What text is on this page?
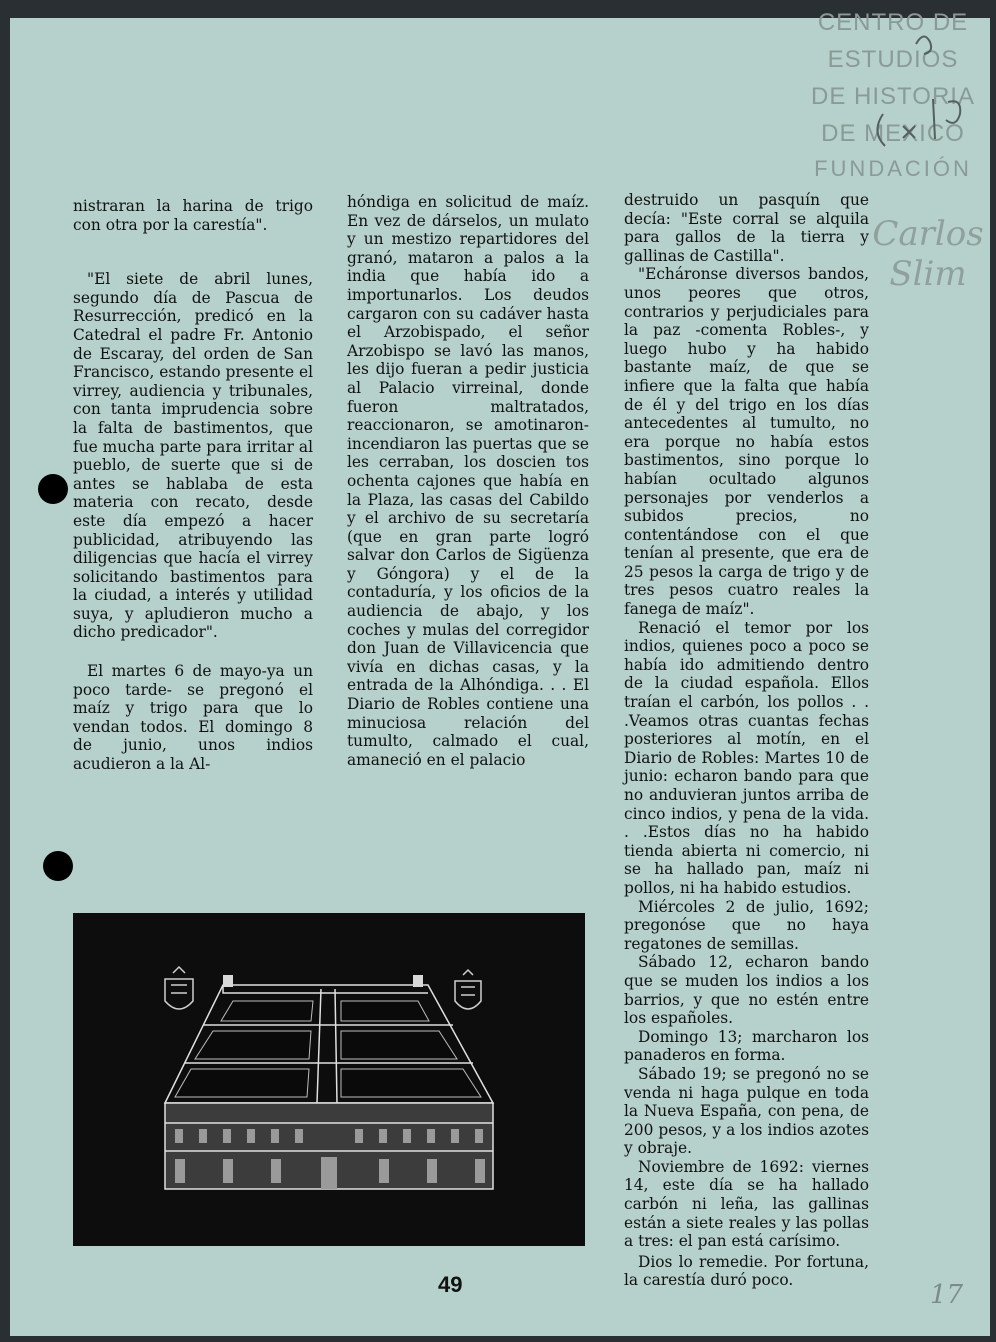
CENTRO DE
ESTUDIOS
DE HISTORIA
DE MEXICO
FUNDACIÓN
Carlos Slim

nistraran la harina de trigo con otra por la carestía".

"El siete de abril lunes, segundo día de Pascua de Resurrección, predicó en la Catedral el padre Fr. Antonio de Escaray, del orden de San Francisco, estando presente el virrey, audiencia y tribunales, con tanta imprudencia sobre la falta de bastimentos, que fue mucha parte para irritar al pueblo, de suerte que si de antes se hablaba de esta materia con recato, desde este día empezó a hacer publicidad, atribuyendo las diligencias que hacía el virrey solicitando bastimentos para la ciudad, a interés y utilidad suya, y apludieron mucho a dicho predicador".

El martes 6 de mayo-ya un poco tarde- se pregonó el maíz y trigo para que lo vendan todos. El domingo 8 de junio, unos indios acudieron a la Al-

hóndiga en solicitud de maíz. En vez de dárselos, un mulato y un mestizo repartidores del granó, mataron a palos a la india que había ido a importunarlos. Los deudos cargaron con su cadáver hasta el Arzobispado, el señor Arzobispo se lavó las manos, les dijo fueran a pedir justicia al Palacio virreinal, donde fueron maltratados, reaccionaron, se amotinaron- incendiaron las puertas que se les cerraban, los doscien tos ochenta cajones que había en la Plaza, las casas del Cabildo y el archivo de su secretaría (que en gran parte logró salvar don Carlos de Sigüenza y Góngora) y el de la contaduría, y los oficios de la audiencia de abajo, y los coches y mulas del corregidor don Juan de Villavicencia que vivía en dichas casas, y la entrada de la Alhóndiga. . . El Diario de Robles contiene una minuciosa relación del tumulto, calmado el cual, amaneció en el palacio

destruido un pasquín que decía: "Este corral se alquila para gallos de la tierra y gallinas de Castilla".

"Echáronse diversos bandos, unos peores que otros, contrarios y perjudiciales para la paz -comenta Robles-, y luego hubo y ha habido bastante maíz, de que se infiere que la falta que había de él y del trigo en los días antecedentes al tumulto, no era porque no había estos bastimentos, sino porque lo habían ocultado algunos personajes por venderlos a subidos precios, no contentándose con el que tenían al presente, que era de 25 pesos la carga de trigo y de tres pesos cuatro reales la fanega de maíz".

Renació el temor por los indios, quienes poco a poco se había ido admitiendo dentro de la ciudad española. Ellos traían el carbón, los pollos . . .Veamos otras cuantas fechas posteriores al motín, en el Diario de Robles: Martes 10 de junio: echaron bando para que no anduvieran juntos arriba de cinco indios, y pena de la vida. . .Estos días no ha habido tienda abierta ni comercio, ni se ha hallado pan, maíz ni pollos, ni ha habido estudios.

Miércoles 2 de julio, 1692; pregonóse que no haya regatones de semillas.

Sábado 12, echaron bando que se muden los indios a los barrios, y que no estén entre los españoles.

Domingo 13; marcharon los panaderos en forma.

Sábado 19; se pregonó no se venda ni haga pulque en toda la Nueva España, con pena, de 200 pesos, y a los indios azotes y obraje.

Noviembre de 1692: viernes 14, este día se ha hallado carbón ni leña, las gallinas están a siete reales y las pollas a tres: el pan está carísimo.

Dios lo remedie. Por fortuna, la carestía duró poco.

49	17
